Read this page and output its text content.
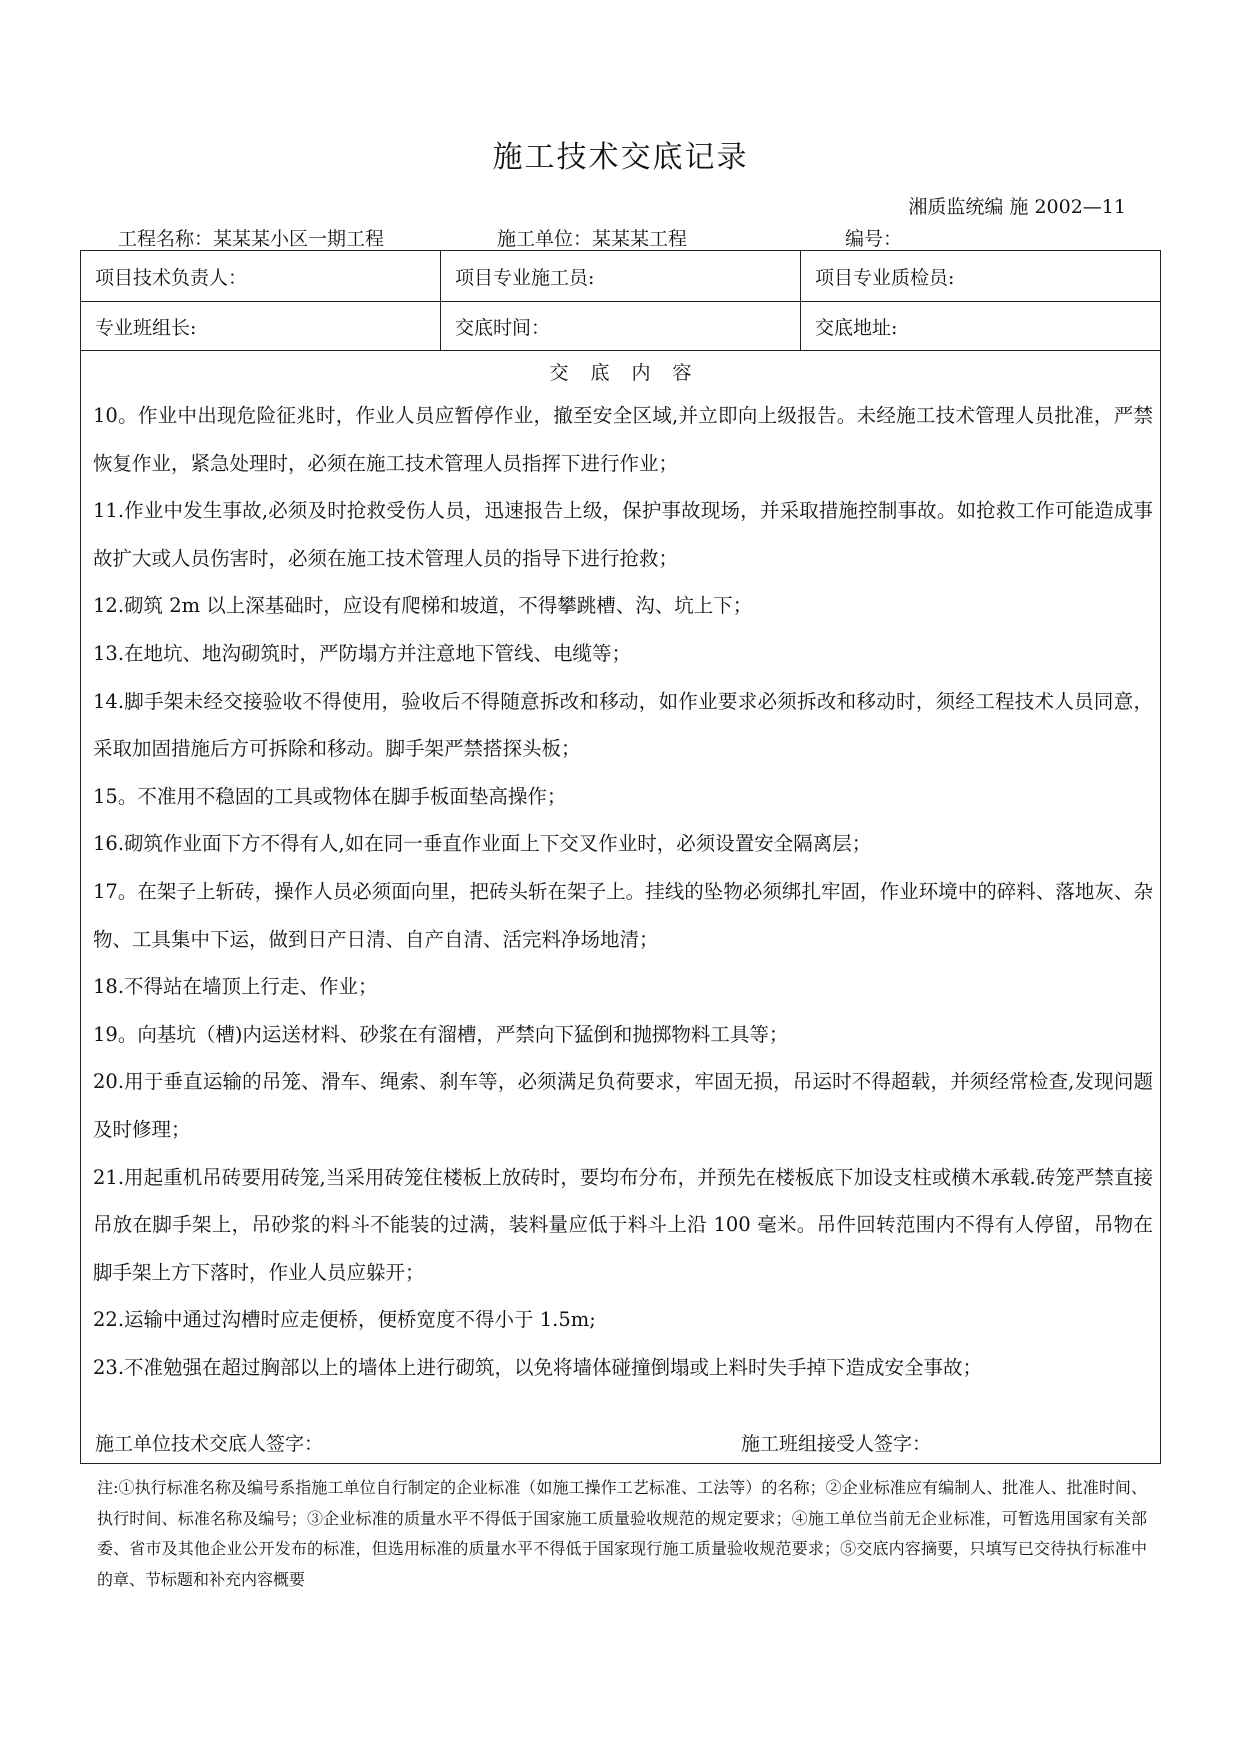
施工技术交底记录
湘质监统编 施 2002—11
工程名称：某某某小区一期工程	施工单位：某某某工程	编号：
项目技术负责人：	项目专业施工员:	项目专业质检员:
专业班组长:	交底时间：	交底地址:
交底内容
10。作业中出现危险征兆时，作业人员应暂停作业，撤至安全区域,并立即向上级报告。未经施工技术管理人员批准，严禁恢复作业，紧急处理时，必须在施工技术管理人员指挥下进行作业；
11.作业中发生事故,必须及时抢救受伤人员，迅速报告上级，保护事故现场，并采取措施控制事故。如抢救工作可能造成事故扩大或人员伤害时，必须在施工技术管理人员的指导下进行抢救；
12.砌筑 2m 以上深基础时，应设有爬梯和坡道，不得攀跳槽、沟、坑上下；
13.在地坑、地沟砌筑时，严防塌方并注意地下管线、电缆等；
14.脚手架未经交接验收不得使用，验收后不得随意拆改和移动，如作业要求必须拆改和移动时，须经工程技术人员同意，采取加固措施后方可拆除和移动。脚手架严禁搭探头板；
15。不准用不稳固的工具或物体在脚手板面垫高操作；
16.砌筑作业面下方不得有人,如在同一垂直作业面上下交叉作业时，必须设置安全隔离层；
17。在架子上斩砖，操作人员必须面向里，把砖头斩在架子上。挂线的坠物必须绑扎牢固，作业环境中的碎料、落地灰、杂物、工具集中下运，做到日产日清、自产自清、活完料净场地清；
18.不得站在墙顶上行走、作业；
19。向基坑（槽)内运送材料、砂浆在有溜槽，严禁向下猛倒和抛掷物料工具等；
20.用于垂直运输的吊笼、滑车、绳索、刹车等，必须满足负荷要求，牢固无损，吊运时不得超载，并须经常检查,发现问题及时修理；
21.用起重机吊砖要用砖笼,当采用砖笼住楼板上放砖时，要均布分布，并预先在楼板底下加设支柱或横木承载.砖笼严禁直接吊放在脚手架上，吊砂浆的料斗不能装的过满，装料量应低于料斗上沿 100 毫米。吊件回转范围内不得有人停留，吊物在脚手架上方下落时，作业人员应躲开；
22.运输中通过沟槽时应走便桥，便桥宽度不得小于 1.5m;
23.不准勉强在超过胸部以上的墙体上进行砌筑，以免将墙体碰撞倒塌或上料时失手掉下造成安全事故；
施工单位技术交底人签字：	施工班组接受人签字：
注:①执行标准名称及编号系指施工单位自行制定的企业标准（如施工操作工艺标准、工法等）的名称；②企业标准应有编制人、批准人、批准时间、执行时间、标准名称及编号；③企业标准的质量水平不得低于国家施工质量验收规范的规定要求；④施工单位当前无企业标准，可暂选用国家有关部委、省市及其他企业公开发布的标准，但选用标准的质量水平不得低于国家现行施工质量验收规范要求；⑤交底内容摘要，只填写已交待执行标准中的章、节标题和补充内容概要
